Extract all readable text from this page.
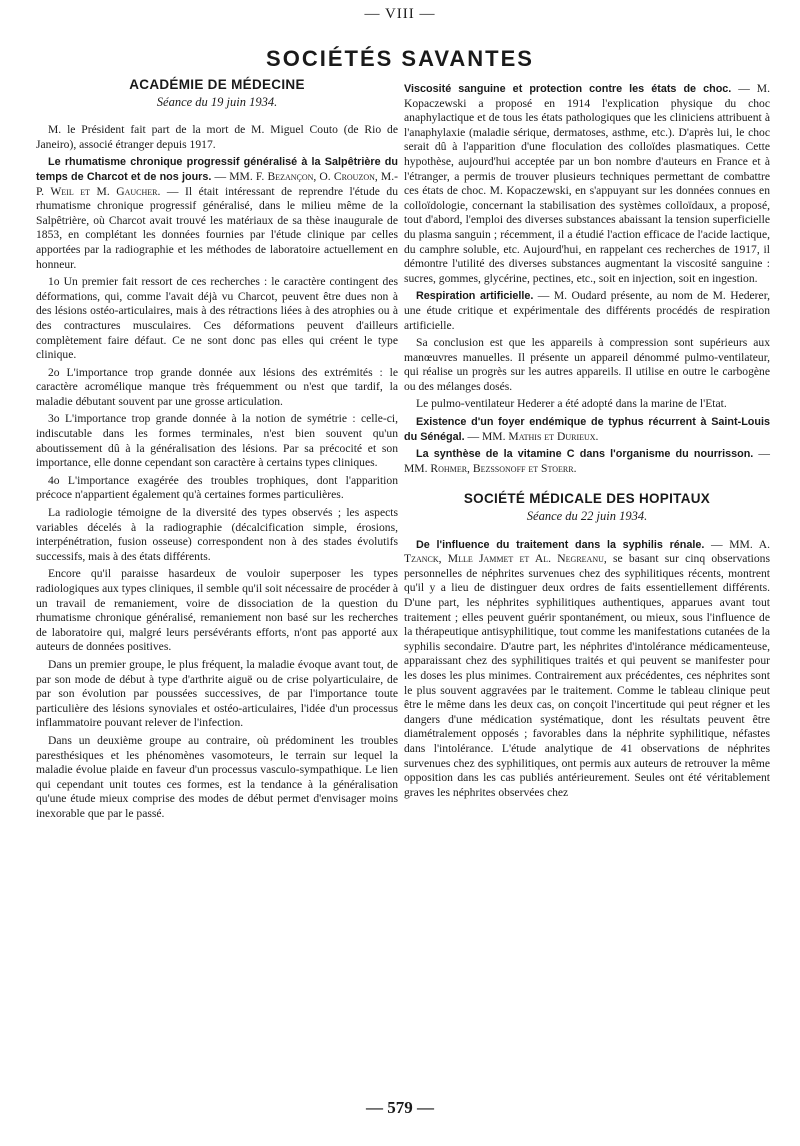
— VIII —
SOCIÉTÉS SAVANTES
ACADÉMIE DE MÉDECINE
Séance du 19 juin 1934.

M. le Président fait part de la mort de M. Miguel Couto (de Rio de Janeiro), associé étranger depuis 1917.

Le rhumatisme chronique progressif généralisé à la Salpêtrière du temps de Charcot et de nos jours. — MM. F. Bezançon, O. Crouzon, M.-P. Weil et M. Gaucher. — Il était intéressant de reprendre l'étude du rhumatisme chronique progressif généralisé, dans le milieu même de la Salpêtrière, où Charcot avait trouvé les matériaux de sa thèse inaugurale de 1853, en complétant les données fournies par l'étude clinique par celles apportées par la radiographie et les méthodes de laboratoire actuellement en honneur.

1o Un premier fait ressort de ces recherches : le caractère contingent des déformations, qui, comme l'avait déjà vu Charcot, peuvent être dues non à des lésions ostéo-articulaires, mais à des rétractions liées à des atrophies ou à des contractures musculaires. Ces déformations peuvent d'ailleurs complètement faire défaut. Ce ne sont donc pas elles qui créent le type clinique.

2o L'importance trop grande donnée aux lésions des extrémités : le caractère acromélique manque très fréquemment ou n'est que tardif, la maladie débutant souvent par une grosse articulation.

3o L'importance trop grande donnée à la notion de symétrie : celle-ci, indiscutable dans les formes terminales, n'est bien souvent qu'un aboutissement dû à la généralisation des lésions. Par sa précocité et son importance, elle donne cependant son caractère à certains types cliniques.

4o L'importance exagérée des troubles trophiques, dont l'apparition précoce n'appartient également qu'à certaines formes particulières.

La radiologie témoigne de la diversité des types observés ; les aspects variables décelés à la radiographie (décalcification simple, érosions, interpénétration, fusion osseuse) correspondent non à des stades évolutifs successifs, mais à des états différents.

Encore qu'il paraisse hasardeux de vouloir superposer les types radiologiques aux types cliniques, il semble qu'il soit nécessaire de procéder à un travail de remaniement, voire de dissociation de la question du rhumatisme chronique généralisé, remaniement non basé sur les recherches de laboratoire qui, malgré leurs persévérants efforts, n'ont pas apporté aux auteurs de données positives.

Dans un premier groupe, le plus fréquent, la maladie évoque avant tout, de par son mode de début à type d'arthrite aiguë ou de crise polyarticulaire, de par son évolution par poussées successives, de par l'importance toute particulière des lésions synoviales et ostéo-articulaires, l'idée d'un processus inflammatoire pouvant relever de l'infection.

Dans un deuxième groupe au contraire, où prédominent les troubles paresthésiques et les phénomènes vasomoteurs, le terrain sur lequel la maladie évolue plaide en faveur d'un processus vasculo-sympathique. Le lien qui cependant unit toutes ces formes, est la tendance à la généralisation qu'une étude mieux comprise des modes de début permet d'envisager moins inexorable que par le passé.

Viscosité sanguine et protection contre les états de choc. — M. Kopaczewski a proposé en 1914 l'explication physique du choc anaphylactique et de tous les états pathologiques que les cliniciens attribuent à l'anaphylaxie (maladie sérique, dermatoses, asthme, etc.). D'après lui, le choc serait dû à l'apparition d'une floculation des colloïdes plasmatiques. Cette hypothèse, aujourd'hui acceptée par un bon nombre d'auteurs en France et à l'étranger, a permis de trouver plusieurs techniques permettant de combattre ces états de choc. M. Kopaczewski, en s'appuyant sur les données connues en colloïdologie, concernant la stabilisation des systèmes colloïdaux, a proposé, tout d'abord, l'emploi des diverses substances abaissant la tension superficielle du plasma sanguin ; récemment, il a étudié l'action efficace de l'acide lactique, du camphre soluble, etc. Aujourd'hui, en rappelant ces recherches de 1917, il démontre l'utilité des diverses substances augmentant la viscosité sanguine : sucres, gommes, glycérine, pectines, etc., soit en injection, soit en ingestion.

Respiration artificielle. — M. Oudard présente, au nom de M. Hederer, une étude critique et expérimentale des différents procédés de respiration artificielle.

Sa conclusion est que les appareils à compression sont supérieurs aux manœuvres manuelles. Il présente un appareil dénommé pulmo-ventilateur, qui réalise un progrès sur les autres appareils. Il utilise en outre le carbogène ou des mélanges dosés.

Le pulmo-ventilateur Hederer a été adopté dans la marine de l'Etat.

Existence d'un foyer endémique de typhus récurrent à Saint-Louis du Sénégal. — MM. Mathis et Durieux.

La synthèse de la vitamine C dans l'organisme du nourrisson. — MM. Rohmer, Bezssonoff et Stoerr.

SOCIÉTÉ MÉDICALE DES HOPITAUX
Séance du 22 juin 1934.

De l'influence du traitement dans la syphilis rénale. — MM. A. Tzanck, Mlle Jammet et Al. Negreanu, se basant sur cinq observations personnelles de néphrites survenues chez des syphilitiques récents, montrent qu'il y a lieu de distinguer deux ordres de faits essentiellement différents. D'une part, les néphrites syphilitiques authentiques, apparues avant tout traitement ; elles peuvent guérir spontanément, ou mieux, sous l'influence de la thérapeutique antisyphilitique, tout comme les manifestations cutanées de la syphilis secondaire. D'autre part, les néphrites d'intolérance médicamenteuse, apparaissant chez des syphilitiques traités et qui peuvent se manifester pour les doses les plus minimes. Contrairement aux précédentes, ces néphrites sont le plus souvent aggravées par le traitement. Comme le tableau clinique peut être le même dans les deux cas, on conçoit l'incertitude qui peut régner et les dangers d'une médication systématique, dont les résultats peuvent être diamétralement opposés ; favorables dans la néphrite syphilitique, néfastes dans l'intolérance. L'étude analytique de 41 observations de néphrites survenues chez des syphilitiques, ont permis aux auteurs de retrouver la même opposition dans les cas publiés antérieurement. Seules ont été véritablement graves les néphrites observées chez

— 579 —
